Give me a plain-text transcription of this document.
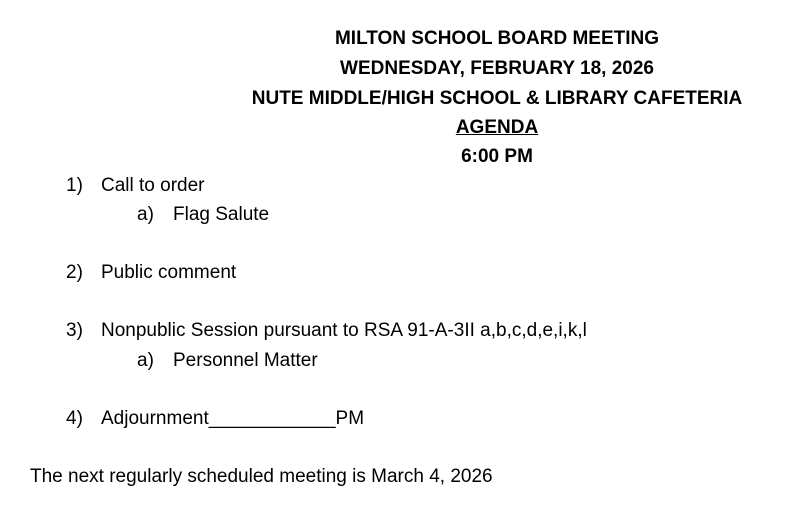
MILTON SCHOOL BOARD MEETING
WEDNESDAY, FEBRUARY 18, 2026
NUTE MIDDLE/HIGH SCHOOL & LIBRARY CAFETERIA
AGENDA
6:00 PM
1) Call to order
a) Flag Salute
2) Public comment
3) Nonpublic Session pursuant to RSA 91-A-3II a,b,c,d,e,i,k,l
a) Personnel Matter
4) Adjournment____________PM
The next regularly scheduled meeting is March 4, 2026
